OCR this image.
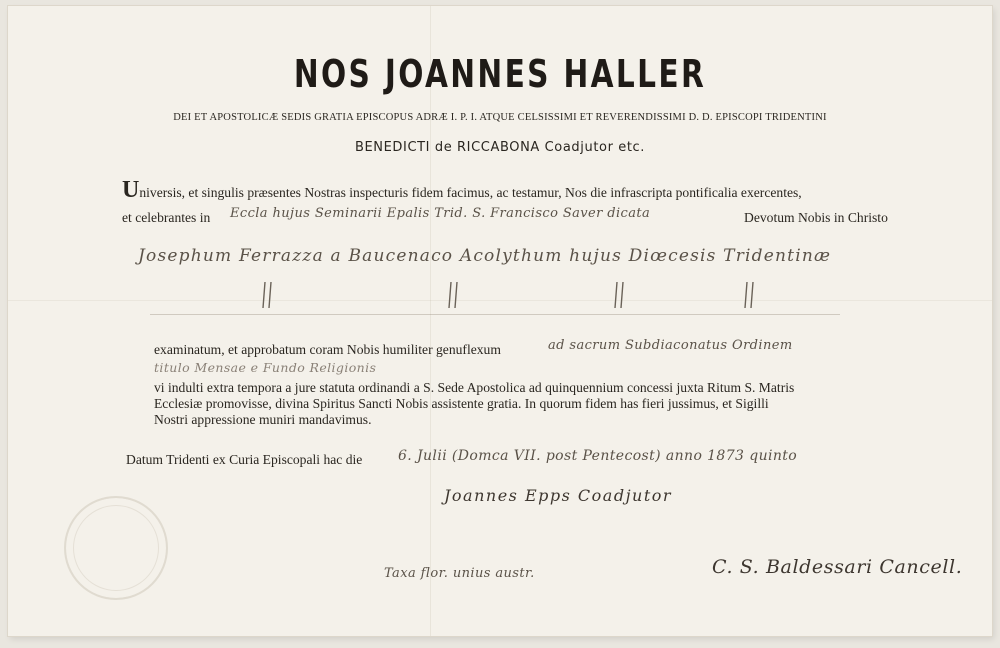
NOS JOANNES HALLER
DEI ET APOSTOLICÆ SEDIS GRATIA EPISCOPUS ADRÆ I. P. I. ATQUE CELSISSIMI ET REVERENDISSIMI D. D. EPISCOPI TRIDENTINI
BENEDICTI de RICCABONA Coadjutor etc.
Universis, et singulis præsentes Nostras inspecturis fidem facimus, ac testamur, Nos die infrascripta pontificalia exercentes,
et celebrantes in Eccla hujus Seminarii Epalis Trid. S. Francisco Saver dicata	Devotum Nobis in Christo
Josephum Ferrazza a Baucenaco Acolythum hujus Diœcesis Tridentinæ
examinatum, et approbatum coram Nobis humiliter genuflexum	ad sacrum Subdiaconatus Ordinem
titulo Mensae e Fundo Religionis
vi indulti extra tempora a jure statuta ordinandi a S. Sede Apostolica ad quinquennium concessi juxta Ritum S. Matris
Ecclesiæ promovisse, divina Spiritus Sancti Nobis assistente gratia. In quorum fidem has fieri jussimus, et Sigilli
Nostri appressione muniri mandavimus.
Datum Tridenti ex Curia Episcopali hac die	6. Julii (Domca VII. post Pentecost) anno 1873 quinto
Joannes Epps Coadjutor
Taxa flor. unius austr.	C. S. Baldessari Cancell.
